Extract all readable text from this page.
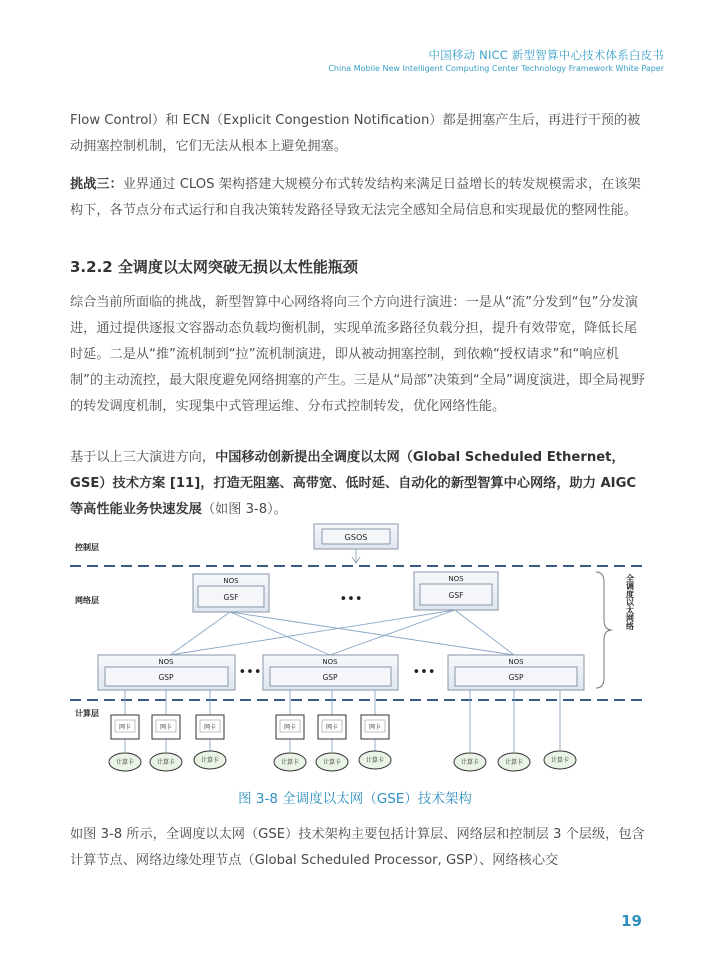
中国移动 NICC 新型智算中心技术体系白皮书
China Mobile New Intelligent Computing Center Technology Framework White Paper

Flow Control）和 ECN（Explicit Congestion Notification）都是拥塞产生后，再进行干预的被动拥塞控制机制，它们无法从根本上避免拥塞。

挑战三：业界通过 CLOS 架构搭建大规模分布式转发结构来满足日益增长的转发规模需求，在该架构下，各节点分布式运行和自我决策转发路径导致无法完全感知全局信息和实现最优的整网性能。

3.2.2 全调度以太网突破无损以太性能瓶颈

综合当前所面临的挑战，新型智算中心网络将向三个方向进行演进：一是从“流”分发到“包”分发演进，通过提供逐报文容器动态负载均衡机制，实现单流多路径负载分担，提升有效带宽，降低长尾时延。二是从“推”流机制到“拉”流机制演进，即从被动拥塞控制，到依赖“授权请求”和“响应机制”的主动流控，最大限度避免网络拥塞的产生。三是从“局部”决策到“全局”调度演进，即全局视野的转发调度机制，实现集中式管理运维、分布式控制转发，优化网络性能。

基于以上三大演进方向，中国移动创新提出全调度以太网（Global Scheduled Ethernet，GSE）技术方案 [11]，打造无阻塞、高带宽、低时延、自动化的新型智算中心网络，助力 AIGC 等高性能业务快速发展（如图 3-8）。

控制层
网络层
计算层
GSOS
NOS
GSF	•••
NOS
GSF
NOS
GSP	•••
NOS
GSP	•••
NOS
GSP
全调度以太网络
网卡	网卡	网卡
计算卡	计算卡	计算卡
网卡	网卡	网卡
计算卡	计算卡	计算卡	计算卡	计算卡	计算卡
图 3-8 全调度以太网（GSE）技术架构

如图 3-8 所示，全调度以太网（GSE）技术架构主要包括计算层、网络层和控制层 3 个层级，包含计算节点、网络边缘处理节点（Global Scheduled Processor, GSP）、网络核心交

19
